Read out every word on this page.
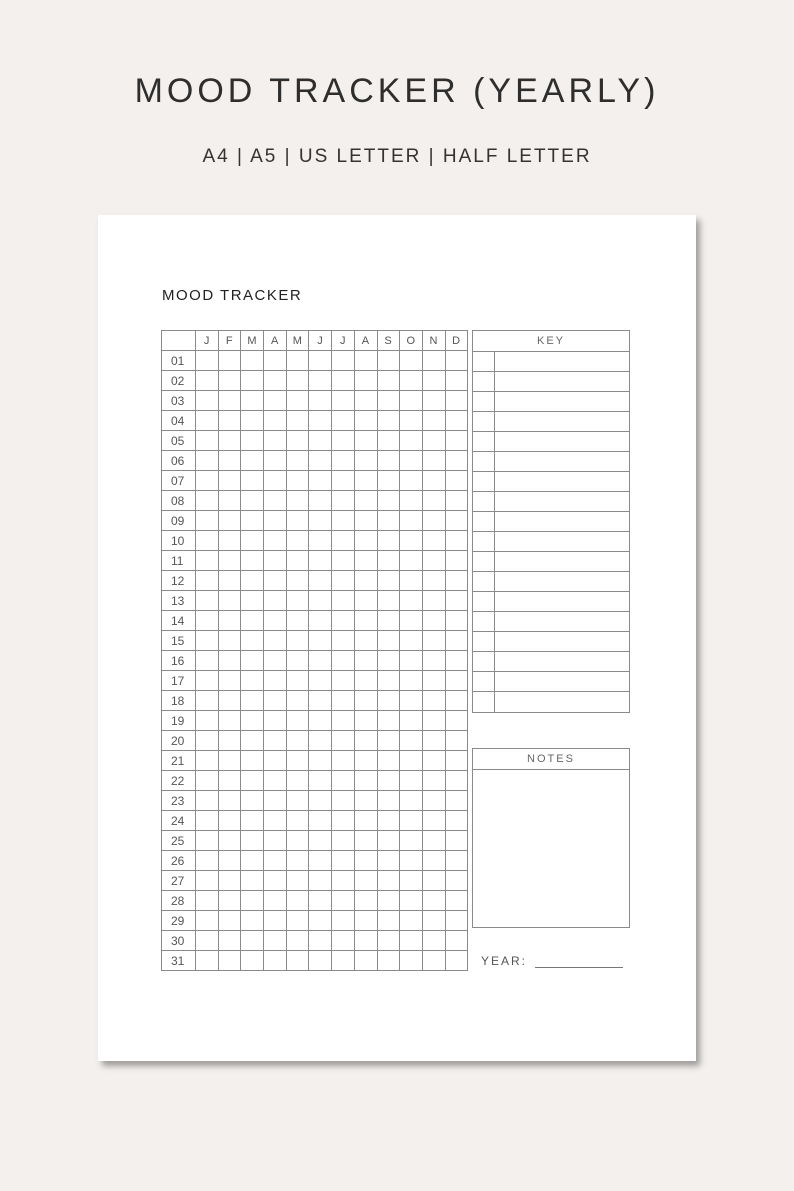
MOOD TRACKER (YEARLY)

A4 | A5 | US LETTER | HALF LETTER

MOOD TRACKER
	J	F	M	A	M	J	J	A	S	O	N	D
01												
02												
03												
04												
05												
06												
07												
08												
09												
10												
11												
12												
13												
14												
15												
16												
17												
18												
19												
20												
21												
22												
23												
24												
25												
26												
27												
28												
29												
30												
31												
KEY
NOTES
YEAR:
